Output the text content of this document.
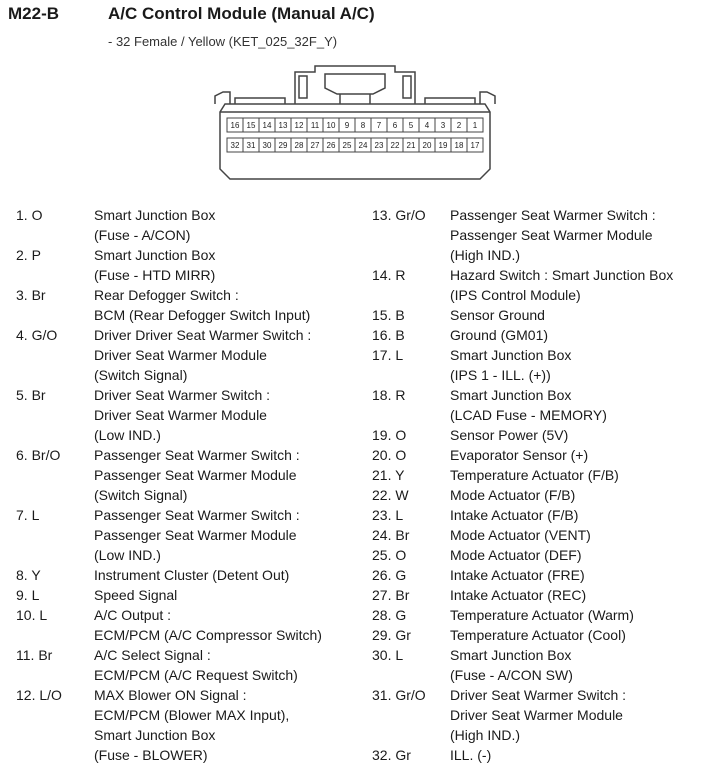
M22-B	A/C Control Module (Manual A/C)
- 32 Female / Yellow (KET_025_32F_Y)
16 15 14 13 12 11 10 9 8 7 6 5 4 3 2 1
32 31 30 29 28 27 26 25 24 23 22 21 20 19 18 17
1. O	Smart Junction Box
(Fuse - A/CON)
2. P	Smart Junction Box
(Fuse - HTD MIRR)
3. Br	Rear Defogger Switch :
BCM (Rear Defogger Switch Input)
4. G/O	Driver Driver Seat Warmer Switch :
Driver Seat Warmer Module
(Switch Signal)
5. Br	Driver Seat Warmer Switch :
Driver Seat Warmer Module
(Low IND.)
6. Br/O	Passenger Seat Warmer Switch :
Passenger Seat Warmer Module
(Switch Signal)
7. L	Passenger Seat Warmer Switch :
Passenger Seat Warmer Module
(Low IND.)
8. Y	Instrument Cluster (Detent Out)
9. L	Speed Signal
10. L	A/C Output :
ECM/PCM (A/C Compressor Switch)
11. Br	A/C Select Signal :
ECM/PCM (A/C Request Switch)
12. L/O	MAX Blower ON Signal :
ECM/PCM (Blower MAX Input),
Smart Junction Box
(Fuse - BLOWER)
13. Gr/O	Passenger Seat Warmer Switch :
Passenger Seat Warmer Module
(High IND.)
14. R	Hazard Switch : Smart Junction Box
(IPS Control Module)
15. B	Sensor Ground
16. B	Ground (GM01)
17. L	Smart Junction Box
(IPS 1 - ILL. (+))
18. R	Smart Junction Box
(LCAD Fuse - MEMORY)
19. O	Sensor Power (5V)
20. O	Evaporator Sensor (+)
21. Y	Temperature Actuator (F/B)
22. W	Mode Actuator (F/B)
23. L	Intake Actuator (F/B)
24. Br	Mode Actuator (VENT)
25. O	Mode Actuator (DEF)
26. G	Intake Actuator (FRE)
27. Br	Intake Actuator (REC)
28. G	Temperature Actuator (Warm)
29. Gr	Temperature Actuator (Cool)
30. L	Smart Junction Box
(Fuse - A/CON SW)
31. Gr/O	Driver Seat Warmer Switch :
Driver Seat Warmer Module
(High IND.)
32. Gr	ILL. (-)
